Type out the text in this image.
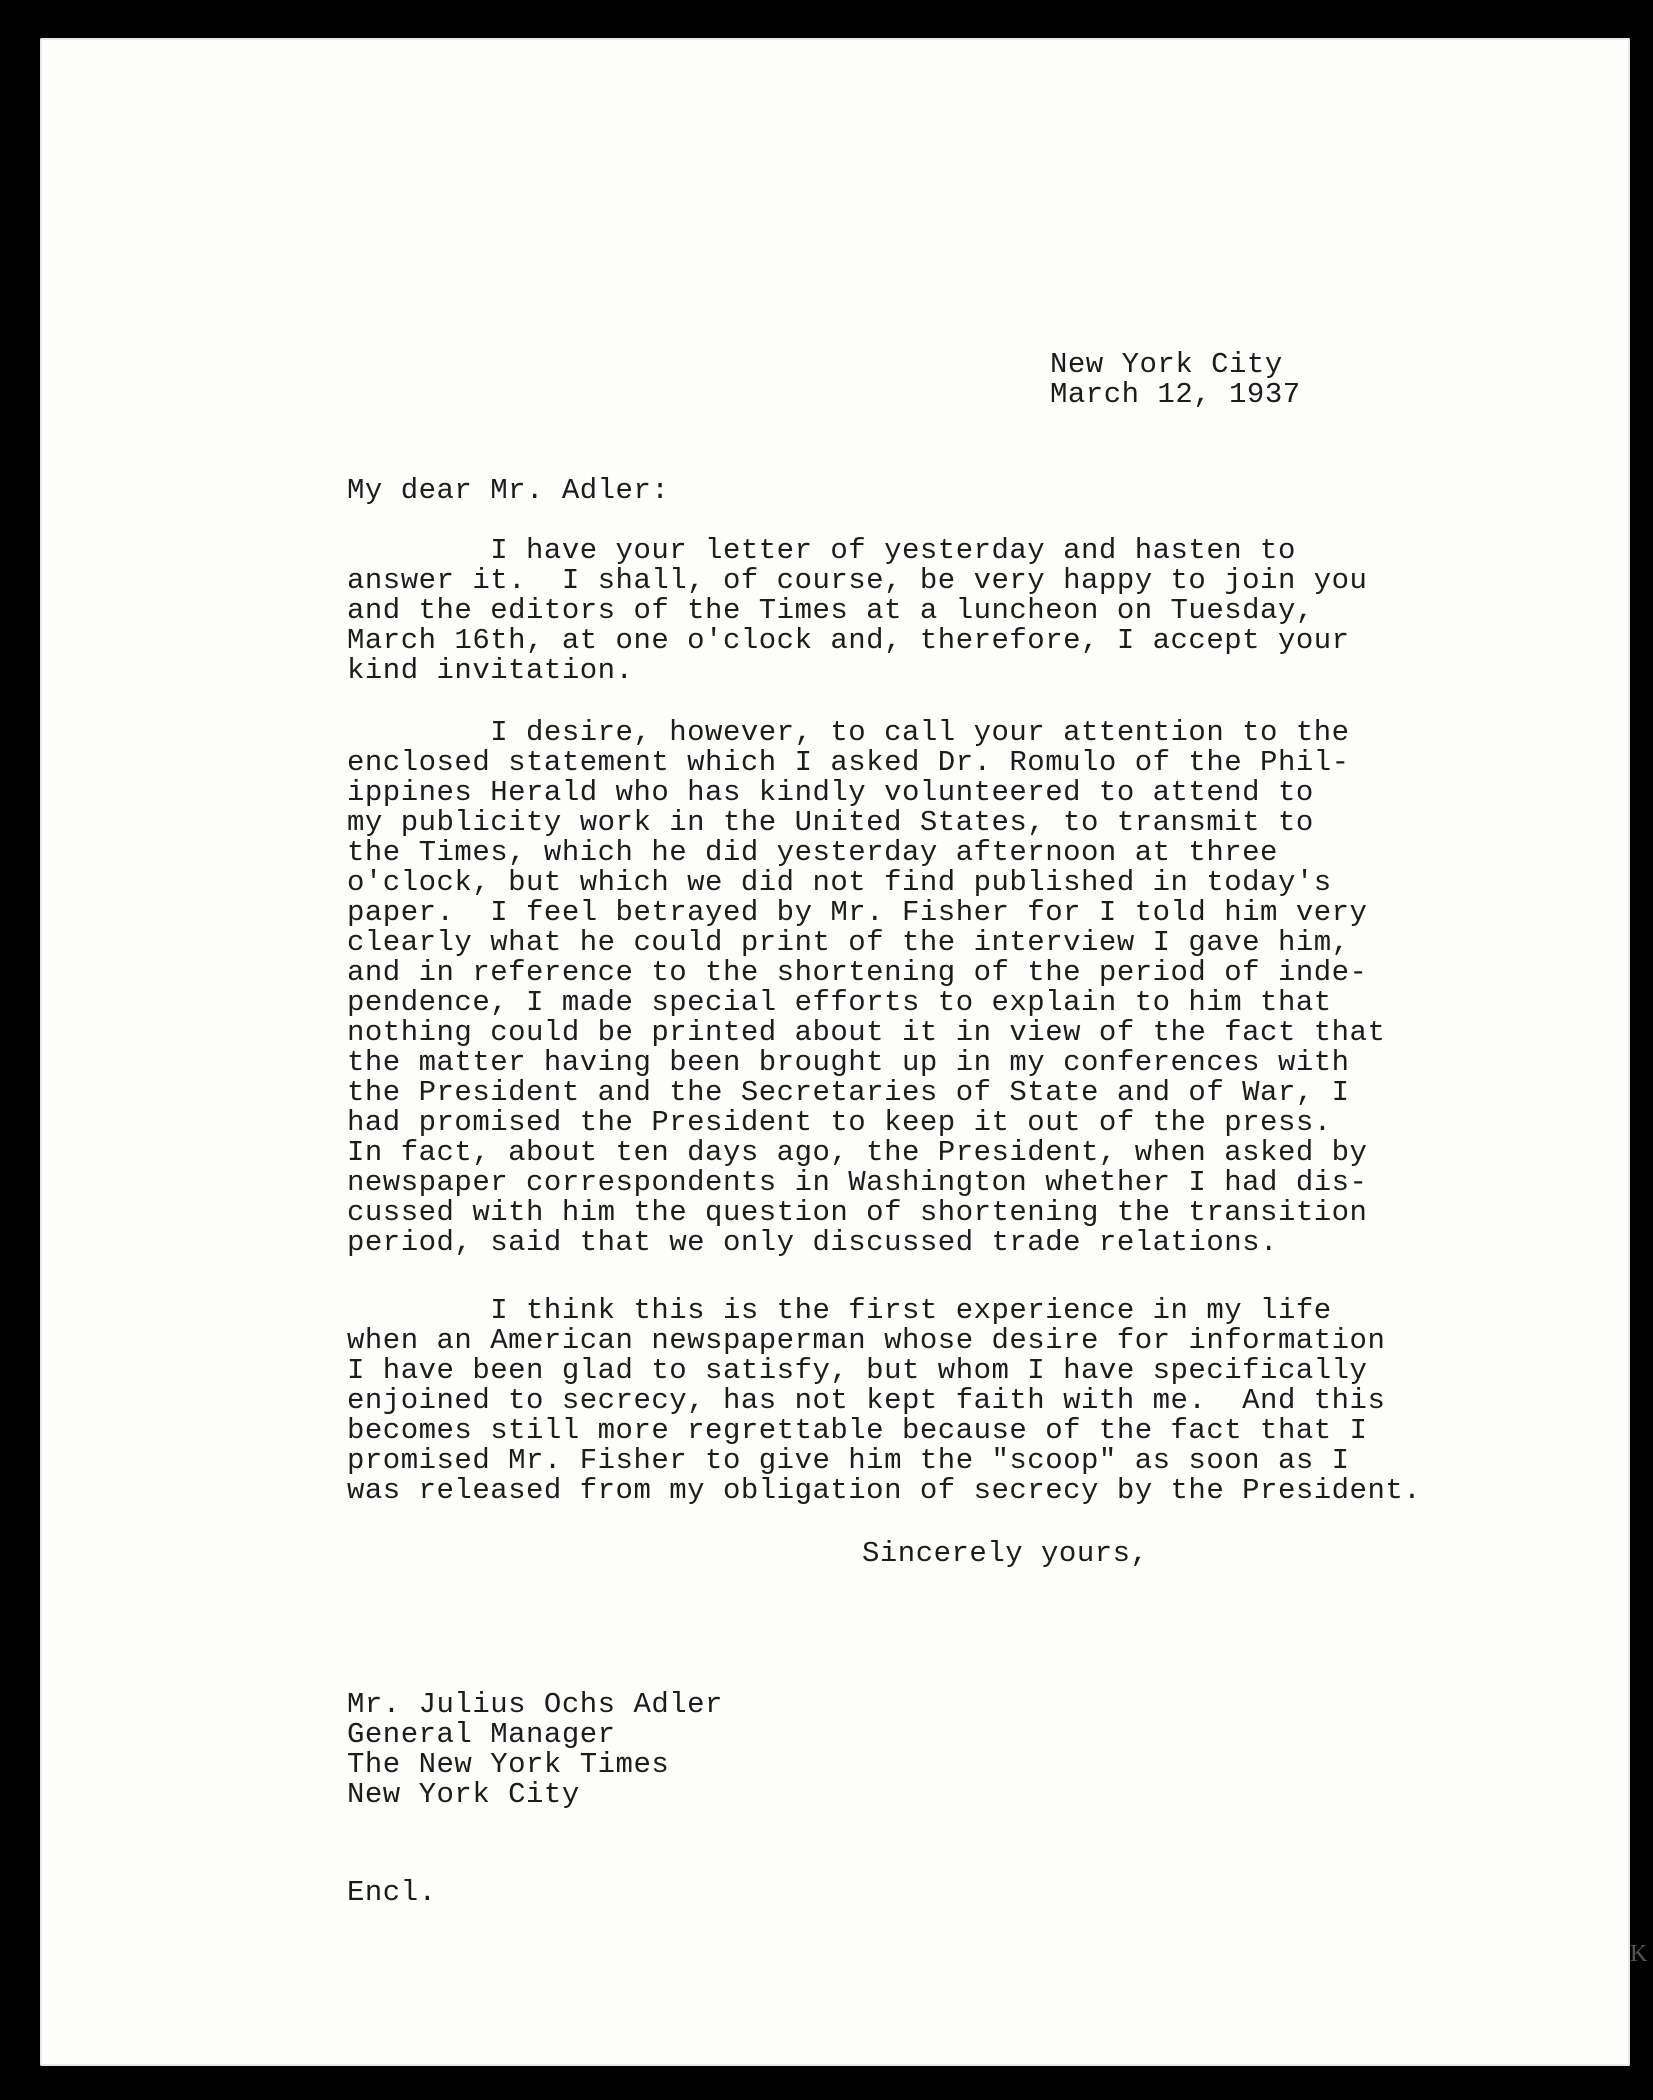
New York City
March 12, 1937
My dear Mr. Adler:
I have your letter of yesterday and hasten to
answer it.  I shall, of course, be very happy to join you
and the editors of the Times at a luncheon on Tuesday,
March 16th, at one o'clock and, therefore, I accept your
kind invitation.
I desire, however, to call your attention to the
enclosed statement which I asked Dr. Romulo of the Phil-
ippines Herald who has kindly volunteered to attend to
my publicity work in the United States, to transmit to
the Times, which he did yesterday afternoon at three
o'clock, but which we did not find published in today's
paper.  I feel betrayed by Mr. Fisher for I told him very
clearly what he could print of the interview I gave him,
and in reference to the shortening of the period of inde-
pendence, I made special efforts to explain to him that
nothing could be printed about it in view of the fact that
the matter having been brought up in my conferences with
the President and the Secretaries of State and of War, I
had promised the President to keep it out of the press.
In fact, about ten days ago, the President, when asked by
newspaper correspondents in Washington whether I had dis-
cussed with him the question of shortening the transition
period, said that we only discussed trade relations.
I think this is the first experience in my life
when an American newspaperman whose desire for information
I have been glad to satisfy, but whom I have specifically
enjoined to secrecy, has not kept faith with me.  And this
becomes still more regrettable because of the fact that I
promised Mr. Fisher to give him the "scoop" as soon as I
was released from my obligation of secrecy by the President.
Sincerely yours,
Mr. Julius Ochs Adler
General Manager
The New York Times
New York City
Encl.
K
